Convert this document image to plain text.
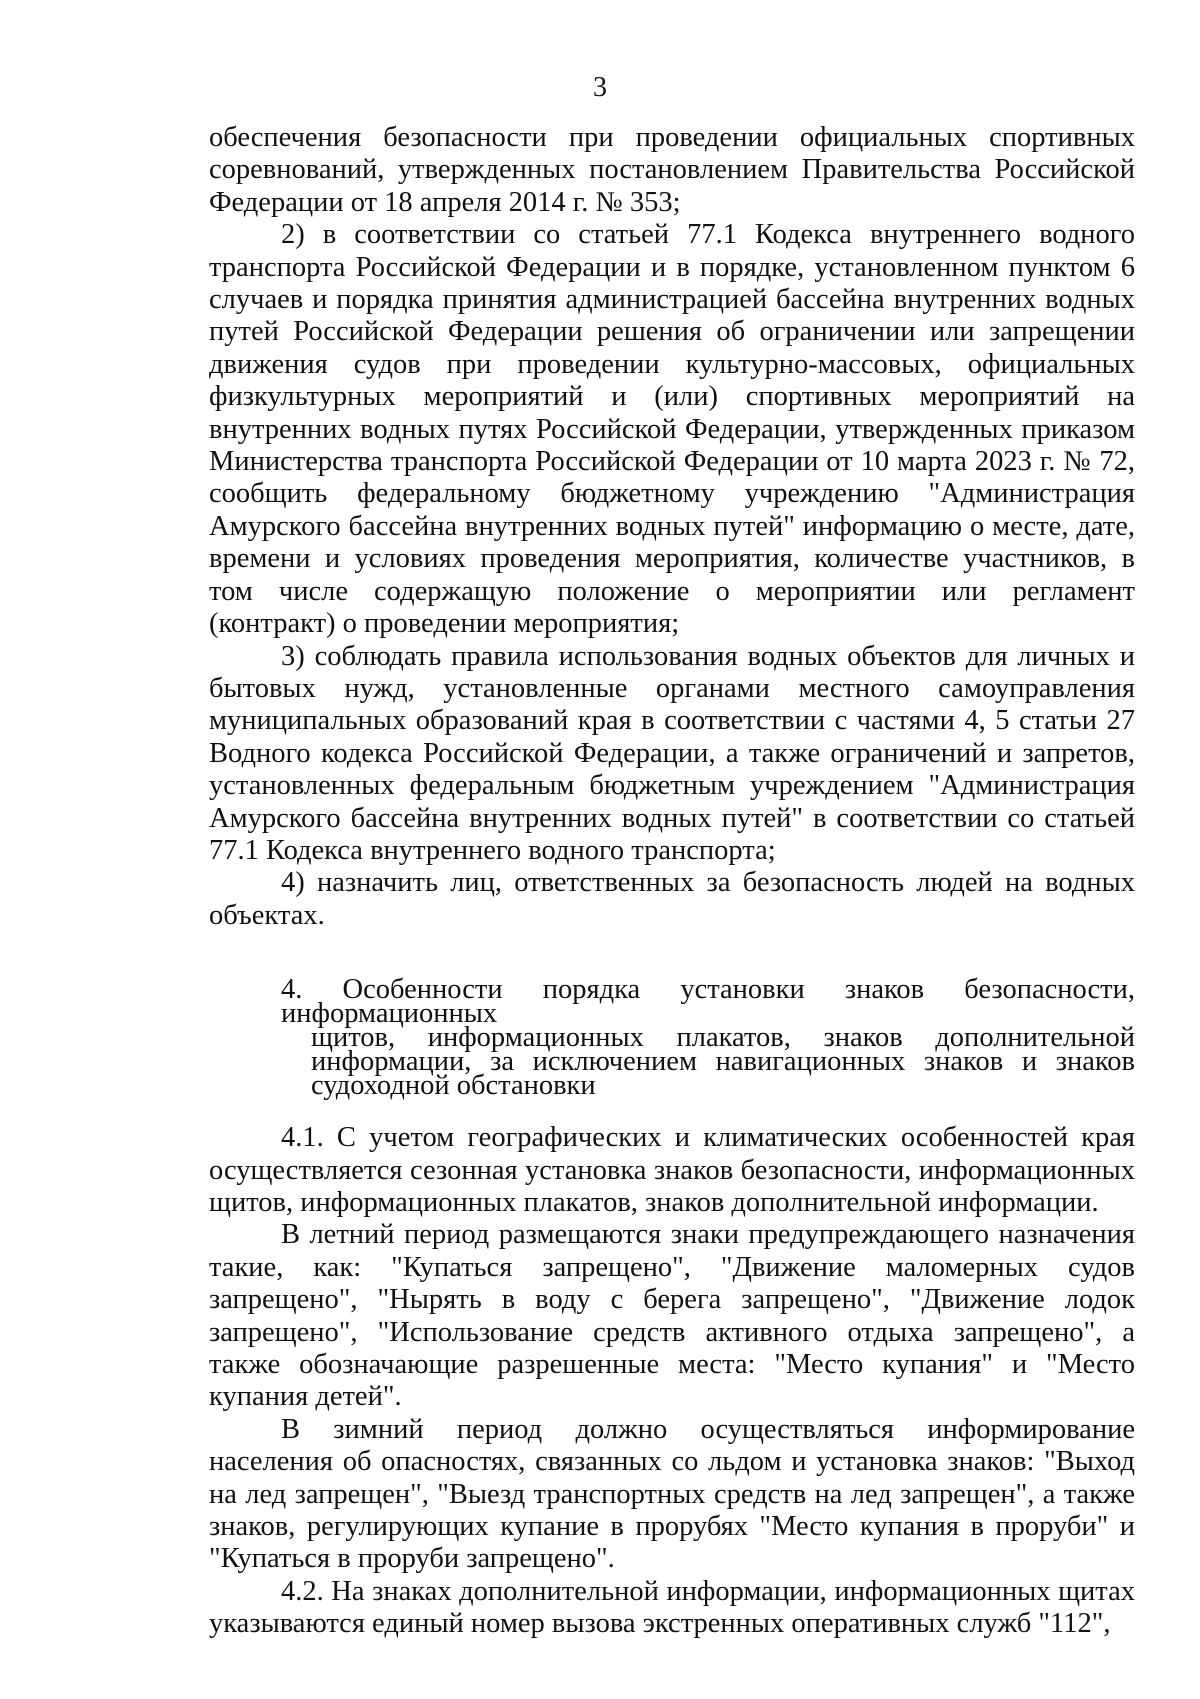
3

обеспечения безопасности при проведении официальных спортивных соревнований, утвержденных постановлением Правительства Российской Федерации от 18 апреля 2014 г. № 353;

2) в соответствии со статьей 77.1 Кодекса внутреннего водного транспорта Российской Федерации и в порядке, установленном пунктом 6 случаев и порядка принятия администрацией бассейна внутренних водных путей Российской Федерации решения об ограничении или запрещении движения судов при проведении культурно-массовых, официальных физкультурных мероприятий и (или) спортивных мероприятий на внутренних водных путях Российской Федерации, утвержденных приказом Министерства транспорта Российской Федерации от 10 марта 2023 г. № 72, сообщить федеральному бюджетному учреждению "Администрация Амурского бассейна внутренних водных путей" информацию о месте, дате, времени и условиях проведения мероприятия, количестве участников, в том числе содержащую положение о мероприятии или регламент (контракт) о проведении мероприятия;

3) соблюдать правила использования водных объектов для личных и бытовых нужд, установленные органами местного самоуправления муниципальных образований края в соответствии с частями 4, 5 статьи 27 Водного кодекса Российской Федерации, а также ограничений и запретов, установленных федеральным бюджетным учреждением "Администрация Амурского бассейна внутренних водных путей" в соответствии со статьей 77.1 Кодекса внутреннего водного транспорта;

4) назначить лиц, ответственных за безопасность людей на водных объектах.

4. Особенности порядка установки знаков безопасности, информационных
щитов, информационных плакатов, знаков дополнительной информации, за исключением навигационных знаков и знаков судоходной обстановки

4.1. С учетом географических и климатических особенностей края осуществляется сезонная установка знаков безопасности, информационных щитов, информационных плакатов, знаков дополнительной информации.

В летний период размещаются знаки предупреждающего назначения такие, как: "Купаться запрещено", "Движение маломерных судов запрещено", "Нырять в воду с берега запрещено", "Движение лодок запрещено", "Использование средств активного отдыха запрещено", а также обозначающие разрешенные места: "Место купания" и "Место купания детей".

В зимний период должно осуществляться информирование населения об опасностях, связанных со льдом и установка знаков: "Выход на лед запрещен", "Выезд транспортных средств на лед запрещен", а также знаков, регулирующих купание в прорубях "Место купания в проруби" и "Купаться в проруби запрещено".

4.2. На знаках дополнительной информации, информационных щитах указываются единый номер вызова экстренных оперативных служб "112",
